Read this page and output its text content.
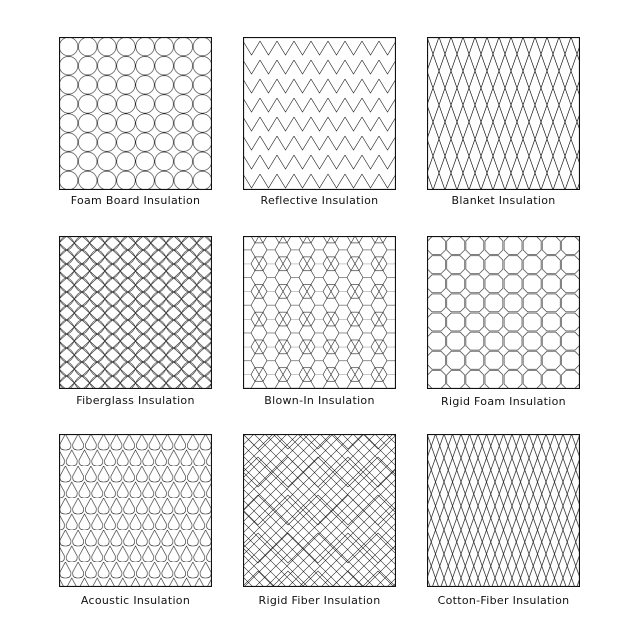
Foam Board Insulation	Reflective Insulation	Blanket Insulation
Fiberglass Insulation	Blown-In Insulation	Rigid Foam Insulation
Acoustic Insulation	Rigid Fiber Insulation	Cotton-Fiber Insulation
